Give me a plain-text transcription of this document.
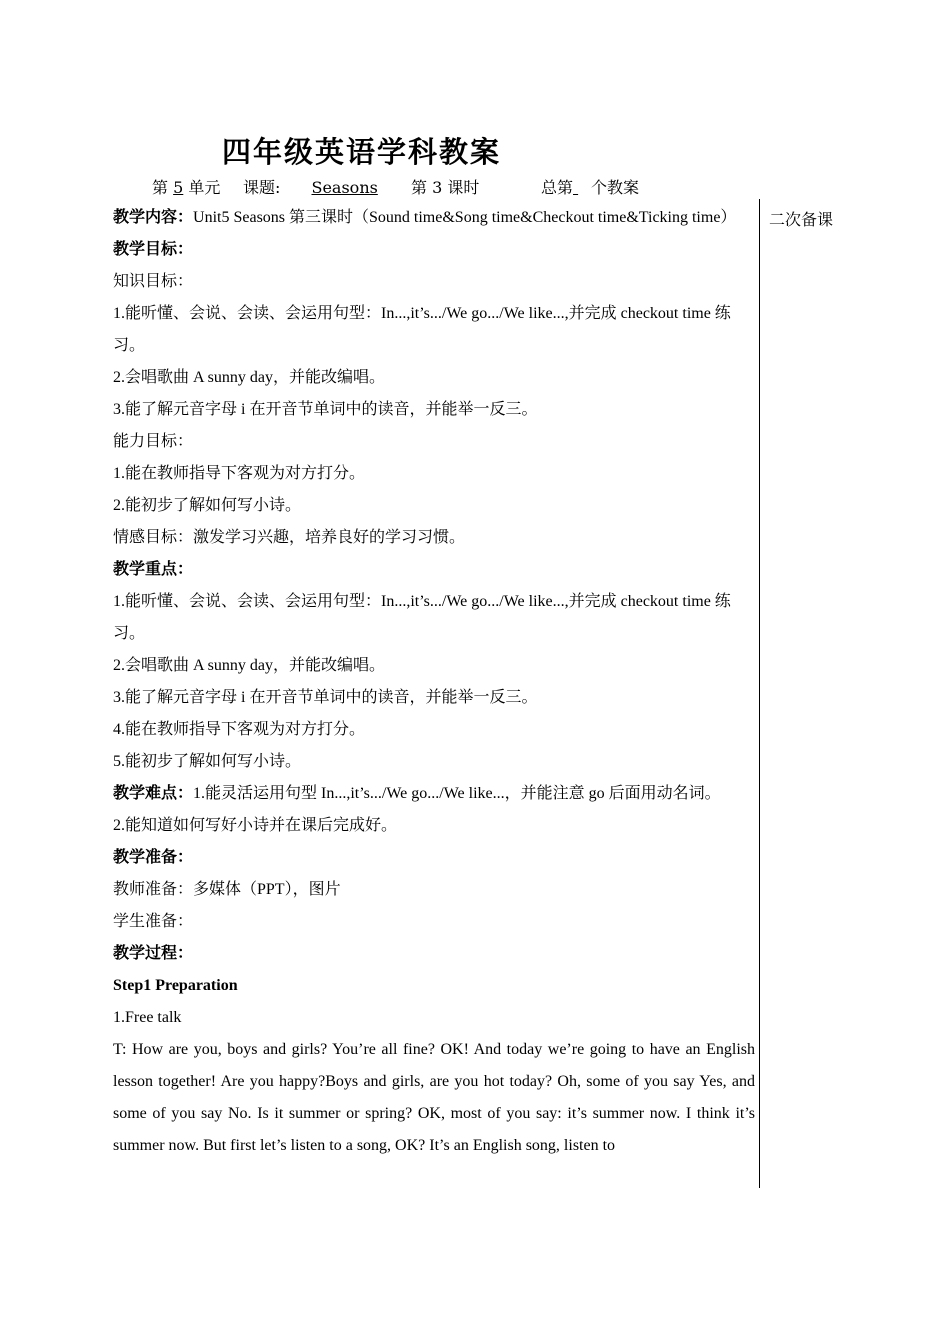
四年级英语学科教案
第 5 单元 课题: Seasons	第 3 课时	总第 个教案
二次备课
教学内容：Unit5 Seasons 第三课时（Sound time&Song time&Checkout time&Ticking time）
教学目标：
知识目标：
1.能听懂、会说、会读、会运用句型：In...,it’s.../We go.../We like...,并完成 checkout time 练
习。
2.会唱歌曲 A sunny day，并能改编唱。
3.能了解元音字母 i 在开音节单词中的读音，并能举一反三。
能力目标：
1.能在教师指导下客观为对方打分。
2.能初步了解如何写小诗。
情感目标：激发学习兴趣，培养良好的学习习惯。
教学重点：
1.能听懂、会说、会读、会运用句型：In...,it’s.../We go.../We like...,并完成 checkout time 练
习。
2.会唱歌曲 A sunny day，并能改编唱。
3.能了解元音字母 i 在开音节单词中的读音，并能举一反三。
4.能在教师指导下客观为对方打分。
5.能初步了解如何写小诗。
教学难点：1.能灵活运用句型 In...,it’s.../We go.../We like...，并能注意 go 后面用动名词。
2.能知道如何写好小诗并在课后完成好。
教学准备：
教师准备：多媒体（PPT），图片
学生准备：
教学过程：
Step1 Preparation
1.Free talk
T: How are you, boys and girls? You’re all fine? OK! And today we’re going to have an English lesson together! Are you happy?Boys and girls, are you hot today? Oh, some of you say Yes, and some of you say No. Is it summer or spring? OK, most of you say: it’s summer now. I think it’s summer now. But first let’s listen to a song, OK? It’s an English song, listen to
